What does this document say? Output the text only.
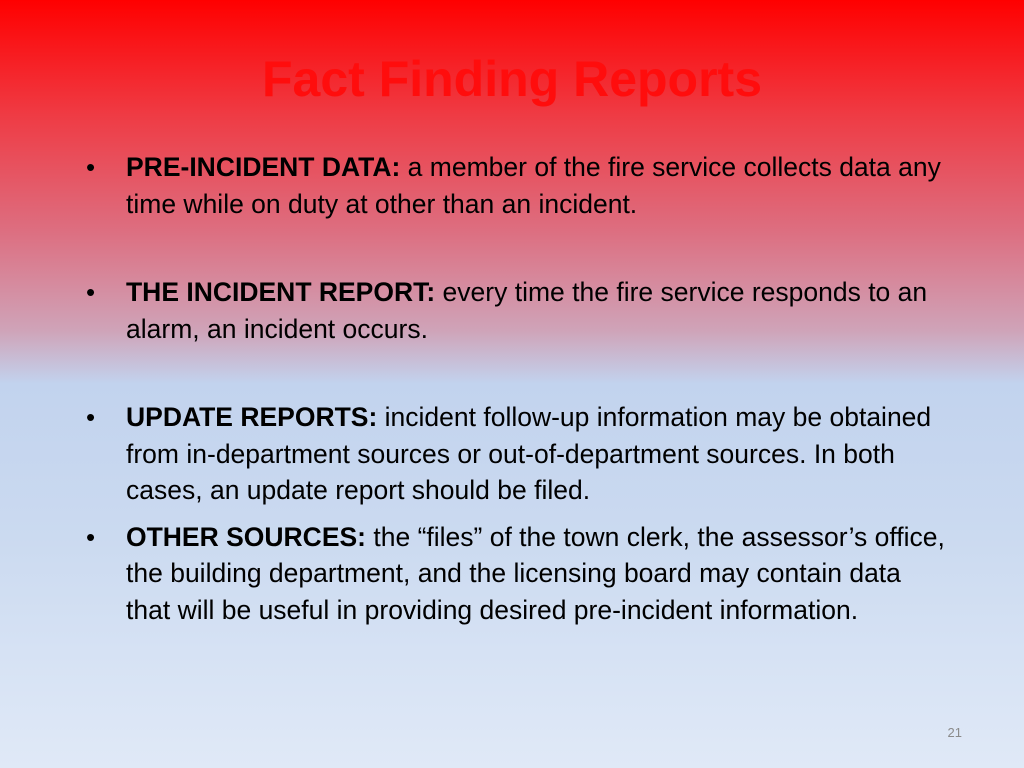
Fact Finding Reports
•	PRE-INCIDENT DATA: a member of the fire service collects data any time while on duty at other than an incident.
•	THE INCIDENT REPORT: every time the fire service responds to an alarm, an incident occurs.
•	UPDATE REPORTS: incident follow-up information may be obtained from in-department sources or out-of-department sources. In both cases, an update report should be filed.
•	OTHER SOURCES: the “files” of the town clerk, the assessor’s office, the building department, and the licensing board may contain data that will be useful in providing desired pre-incident information.
21
